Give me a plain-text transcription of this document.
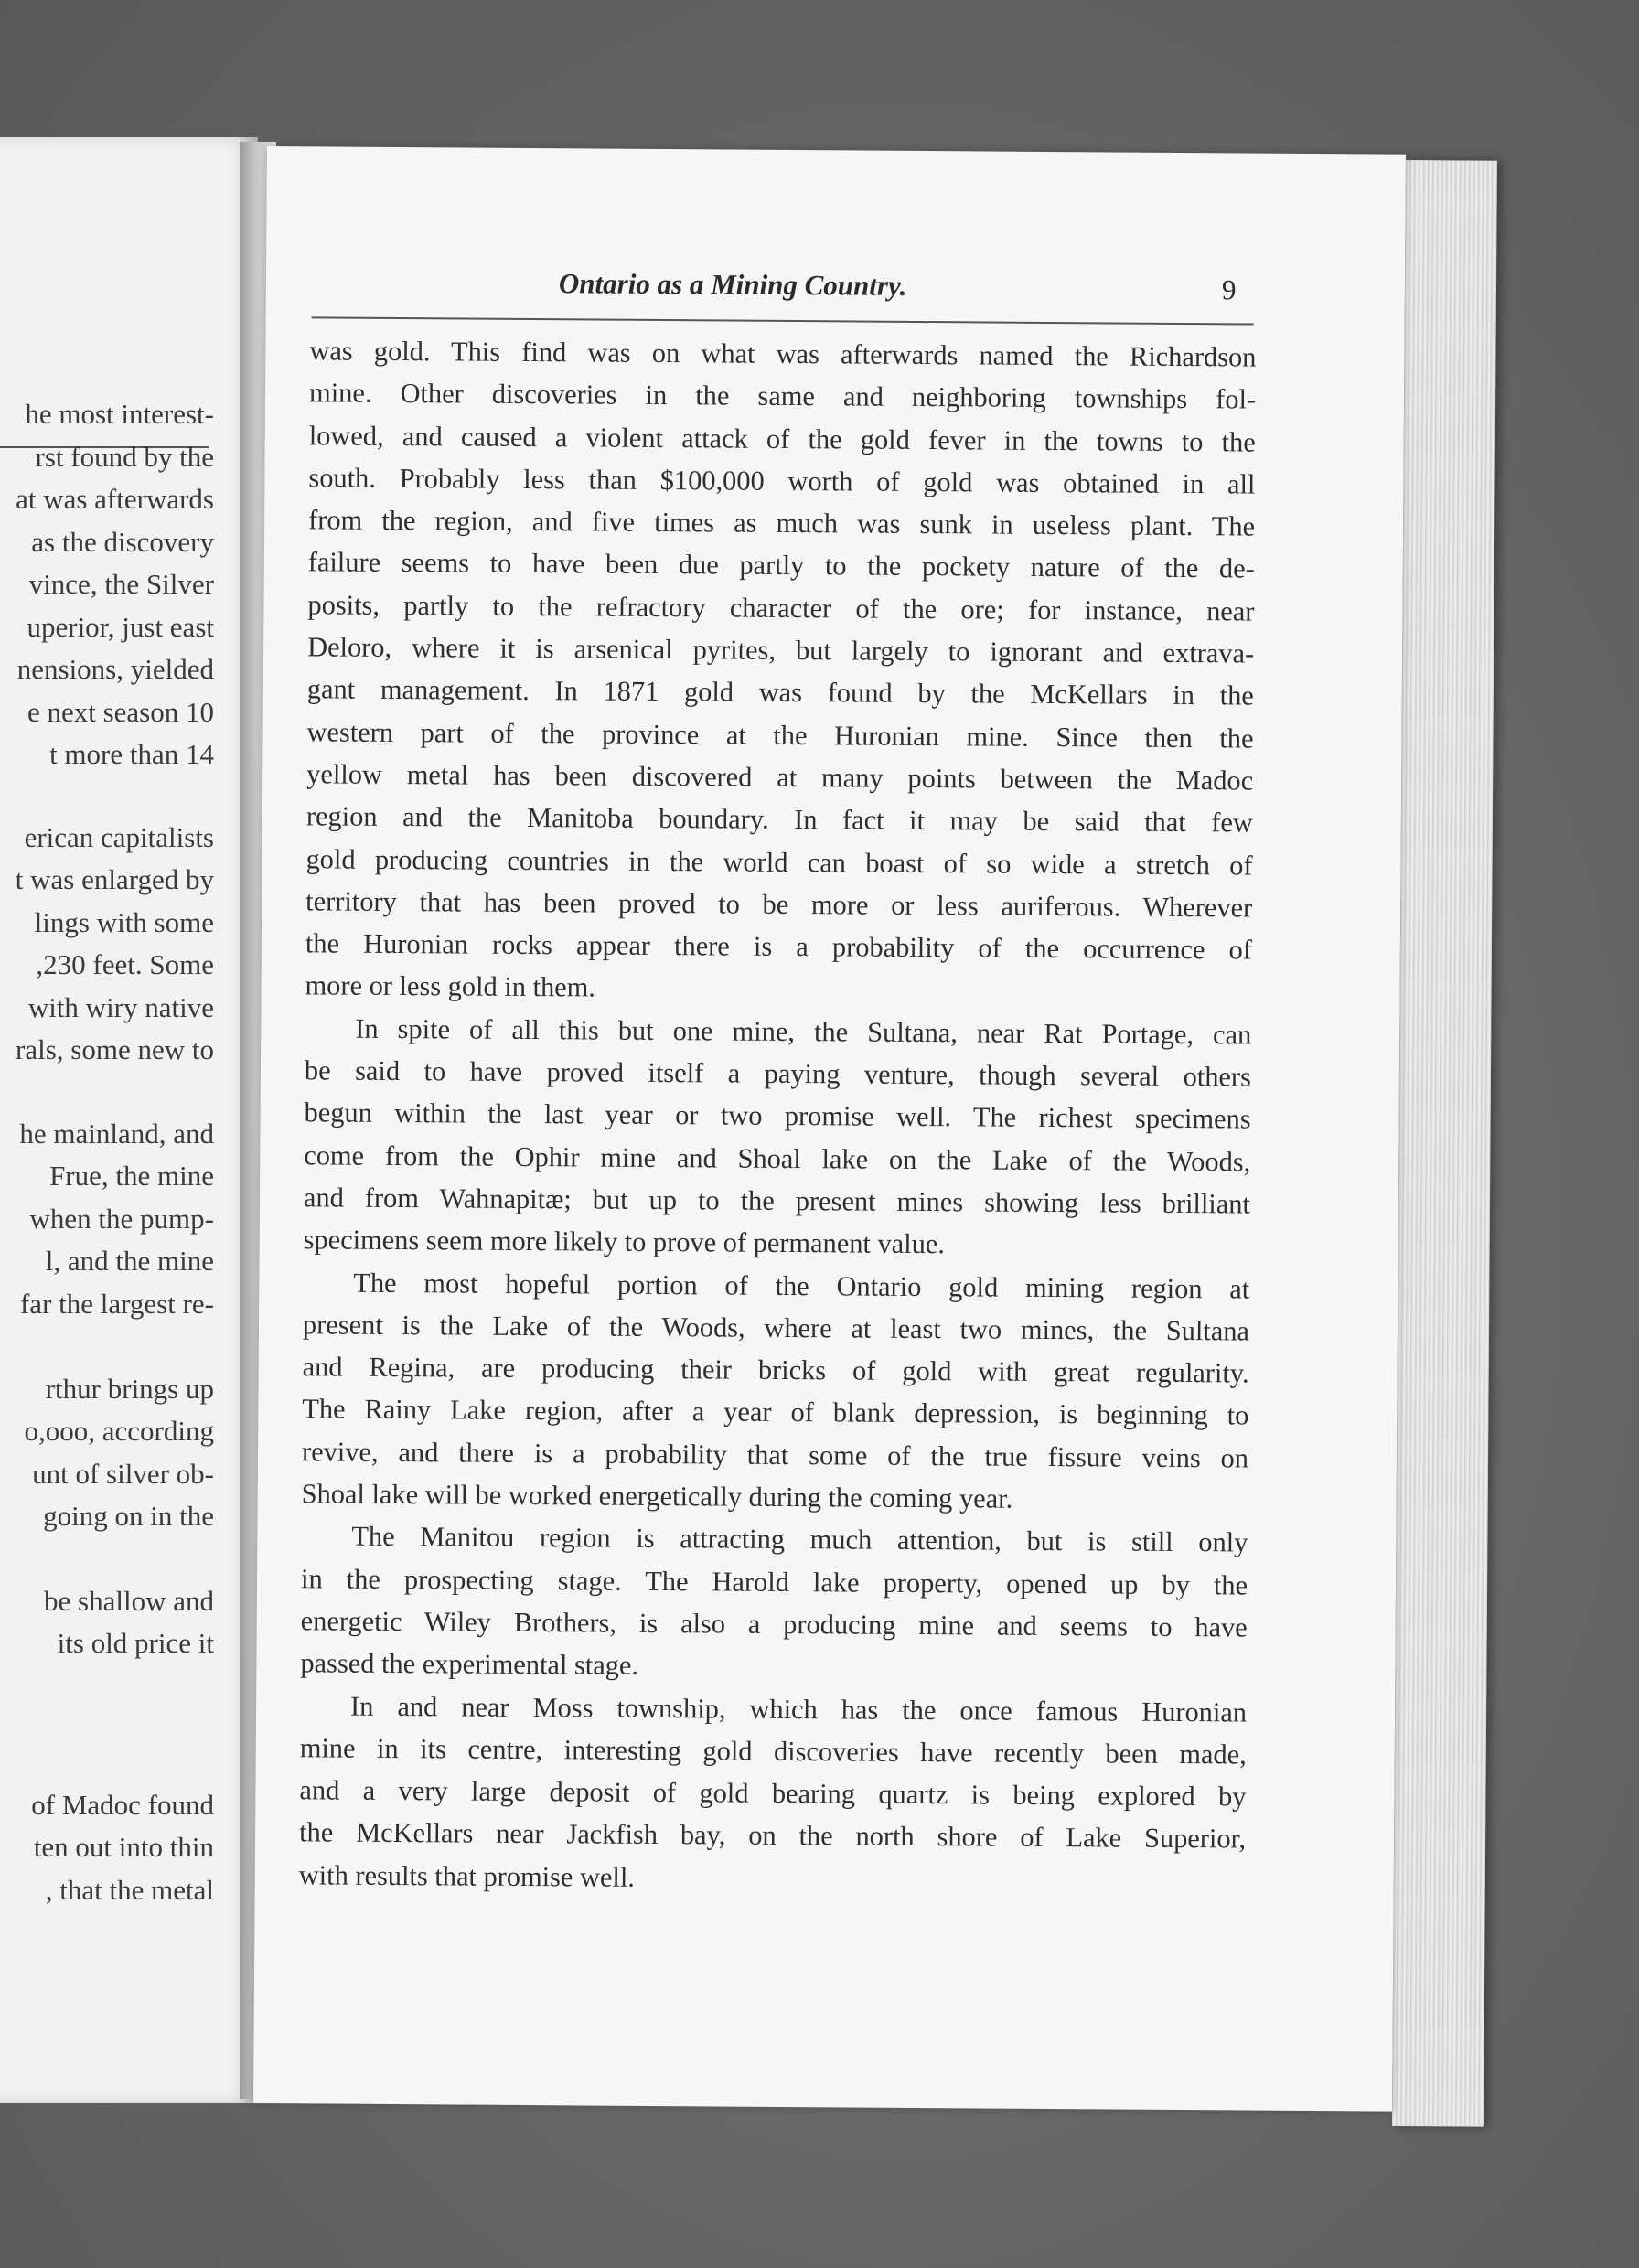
he most interest-
rst found by the
at was afterwards
as the discovery
vince, the Silver
uperior, just east
nensions, yielded
e next season 10
t more than 14
erican capitalists
t was enlarged by
lings with some
,230 feet. Some
with wiry native
rals, some new to
he mainland, and
Frue, the mine
when the pump-
l, and the mine
far the largest re-
rthur brings up
o,ooo, according
unt of silver ob-
going on in the
be shallow and
its old price it
of Madoc found
ten out into thin
, that the metal
Ontario as a Mining Country.	9
was gold. This find was on what was afterwards named the Richardson
mine. Other discoveries in the same and neighboring townships fol-
lowed, and caused a violent attack of the gold fever in the towns to the
south. Probably less than $100,000 worth of gold was obtained in all
from the region, and five times as much was sunk in useless plant. The
failure seems to have been due partly to the pockety nature of the de-
posits, partly to the refractory character of the ore; for instance, near
Deloro, where it is arsenical pyrites, but largely to ignorant and extrava-
gant management. In 1871 gold was found by the McKellars in the
western part of the province at the Huronian mine. Since then the
yellow metal has been discovered at many points between the Madoc
region and the Manitoba boundary. In fact it may be said that few
gold producing countries in the world can boast of so wide a stretch of
territory that has been proved to be more or less auriferous. Wherever
the Huronian rocks appear there is a probability of the occurrence of
more or less gold in them.
In spite of all this but one mine, the Sultana, near Rat Portage, can
be said to have proved itself a paying venture, though several others
begun within the last year or two promise well. The richest specimens
come from the Ophir mine and Shoal lake on the Lake of the Woods,
and from Wahnapitæ; but up to the present mines showing less brilliant
specimens seem more likely to prove of permanent value.
The most hopeful portion of the Ontario gold mining region at
present is the Lake of the Woods, where at least two mines, the Sultana
and Regina, are producing their bricks of gold with great regularity.
The Rainy Lake region, after a year of blank depression, is beginning to
revive, and there is a probability that some of the true fissure veins on
Shoal lake will be worked energetically during the coming year.
The Manitou region is attracting much attention, but is still only
in the prospecting stage. The Harold lake property, opened up by the
energetic Wiley Brothers, is also a producing mine and seems to have
passed the experimental stage.
In and near Moss township, which has the once famous Huronian
mine in its centre, interesting gold discoveries have recently been made,
and a very large deposit of gold bearing quartz is being explored by
the McKellars near Jackfish bay, on the north shore of Lake Superior,
with results that promise well.
